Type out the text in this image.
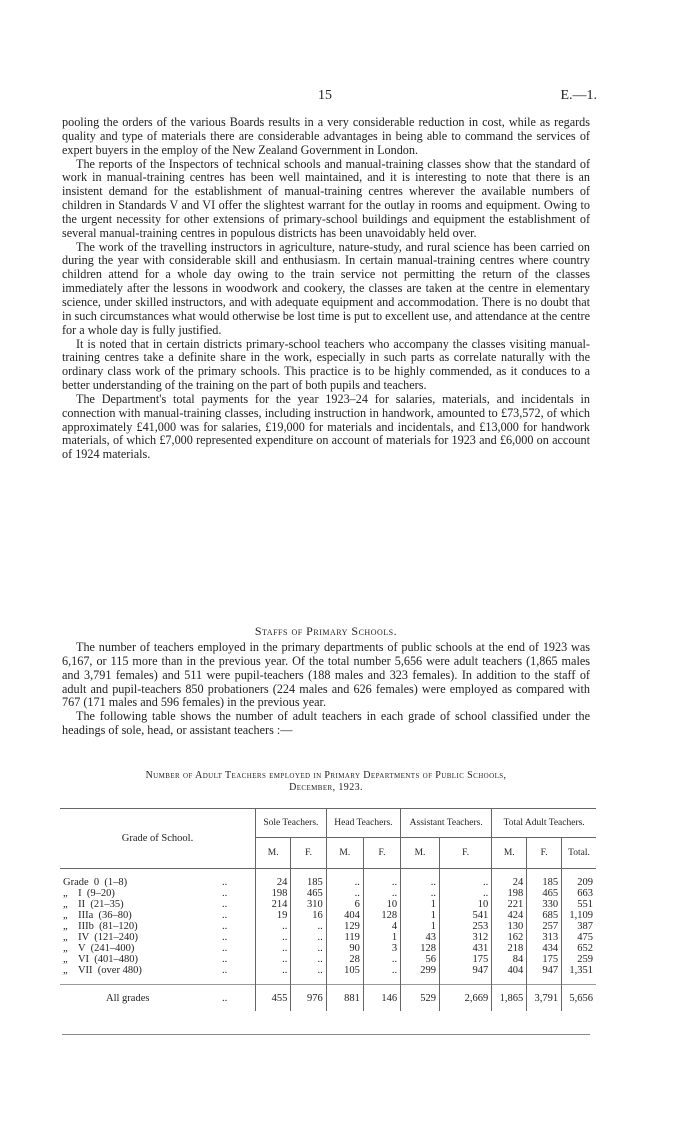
15	E.—1.

pooling the orders of the various Boards results in a very considerable reduction in cost, while as regards quality and type of materials there are considerable advantages in being able to command the services of expert buyers in the employ of the New Zealand Government in London.

The reports of the Inspectors of technical schools and manual-training classes show that the standard of work in manual-training centres has been well maintained, and it is interesting to note that there is an insistent demand for the establishment of manual-training centres wherever the available numbers of children in Standards V and VI offer the slightest warrant for the outlay in rooms and equipment. Owing to the urgent necessity for other extensions of primary-school buildings and equipment the establishment of several manual-training centres in populous districts has been unavoidably held over.

The work of the travelling instructors in agriculture, nature-study, and rural science has been carried on during the year with considerable skill and enthusiasm. In certain manual-training centres where country children attend for a whole day owing to the train service not permitting the return of the classes immediately after the lessons in woodwork and cookery, the classes are taken at the centre in elementary science, under skilled instructors, and with adequate equipment and accommodation. There is no doubt that in such circumstances what would otherwise be lost time is put to excellent use, and attendance at the centre for a whole day is fully justified.

It is noted that in certain districts primary-school teachers who accompany the classes visiting manual-training centres take a definite share in the work, especially in such parts as correlate naturally with the ordinary class work of the primary schools. This practice is to be highly commended, as it conduces to a better understanding of the training on the part of both pupils and teachers.

The Department's total payments for the year 1923–24 for salaries, materials, and incidentals in connection with manual-training classes, including instruction in handwork, amounted to £73,572, of which approximately £41,000 was for salaries, £19,000 for materials and incidentals, and £13,000 for handwork materials, of which £7,000 represented expenditure on account of materials for 1923 and £6,000 on account of 1924 materials.

Staffs of Primary Schools.

The number of teachers employed in the primary departments of public schools at the end of 1923 was 6,167, or 115 more than in the previous year. Of the total number 5,656 were adult teachers (1,865 males and 3,791 females) and 511 were pupil-teachers (188 males and 323 females). In addition to the staff of adult and pupil-teachers 850 probationers (224 males and 626 females) were employed as compared with 767 (171 males and 596 females) in the previous year.

The following table shows the number of adult teachers in each grade of school classified under the headings of sole, head, or assistant teachers :—

Number of Adult Teachers employed in Primary Departments of Public Schools,
December, 1923.
Grade of School.		Sole Teachers.		Head Teachers.		Assistant Teachers.		Total Adult Teachers.		
		M.	F.	M.	F.	M.	F.	M.	F.	Total.

Grade  0  (1–8)	..	24	185	..	..	..	..	24	185	209
„    I  (9–20)	..	198	465	..	..	..	..	198	465	663
„    II  (21–35)	..	214	310	6	10	1	10	221	330	551
„    IIIa  (36–80)	..	19	16	404	128	1	541	424	685	1,109
„    IIIb  (81–120)	..	..	..	129	4	1	253	130	257	387
„    IV  (121–240)	..	..	..	119	1	43	312	162	313	475
„    V  (241–400)	..	..	..	90	3	128	431	218	434	652
„    VI  (401–480)	..	..	..	28	..	56	175	84	175	259
„    VII  (over 480)	..	..	..	105	..	299	947	404	947	1,351

All grades	..	455	976	881	146	529	2,669	1,865	3,791	5,656
